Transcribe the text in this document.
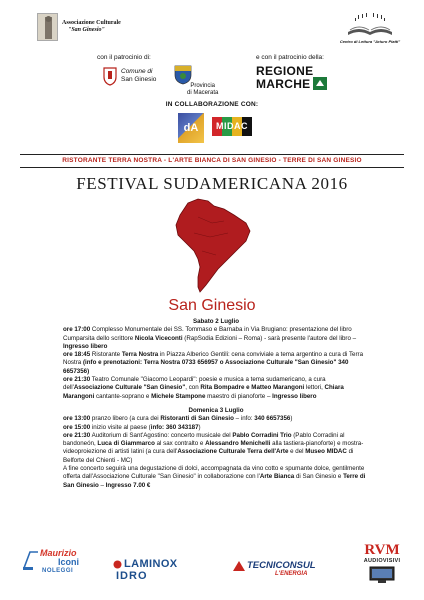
Associazione Culturale
"San Ginesio"
Centro di Lettura "Arturo Piatti"
con il patrocinio di:	e con il patrocinio della:
Comune di
San Ginesio
Provincia
di Macerata
REGIONE
MARCHE
IN COLLABORAZIONE CON:
dA	MIDAC
RISTORANTE TERRA NOSTRA - L'ARTE BIANCA DI SAN GINESIO - TERRE DI SAN GINESIO
FESTIVAL SUDAMERICANA 2016
San Ginesio

Sabato 2 Luglio

ore 17:00 Complesso Monumentale dei SS. Tommaso e Barnaba in Via Brugiano: presentazione del libro Cumparsita dello scrittore Nicola Viceconti (RapSodia Edizioni – Roma) - sarà presente l'autore del libro – Ingresso libero

ore 18:45 Ristorante Terra Nostra in Piazza Alberico Gentili: cena conviviale a tema argentino a cura di Terra Nostra (info e prenotazioni: Terra Nostra 0733 656957 o Associazione Culturale "San Ginesio" 340 6657356)

ore 21:30 Teatro Comunale "Giacomo Leopardi": poesie e musica a tema sudamericano, a cura dell'Associazione Culturale "San Ginesio", con Rita Bompadre e Matteo Marangoni lettori, Chiara Marangoni cantante-soprano e Michele Stampone maestro di pianoforte – Ingresso libero

Domenica 3 Luglio

ore 13:00 pranzo libero (a cura dei Ristoranti di San Ginesio – info: 340 6657356)

ore 15:00 inizio visite al paese (info: 360 343187)

ore 21:30 Auditorium di Sant'Agostino: concerto musicale del Pablo Corradini Trio (Pablo Corradini al bandoneón, Luca di Giammarco al sax contralto e Alessandro Menichelli alla tastiera-pianoforte) e mostra-videoproiezione di artisti latini (a cura dell'Associazione Culturale Terra dell'Arte e del Museo MIDAC di Belforte del Chienti - MC)

A fine concerto seguirà una degustazione di dolci, accompagnata da vino cotto e spumante dolce, gentilmente offerta dall'Associazione Culturale "San Ginesio" in collaborazione con l'Arte Bianca di San Ginesio e Terre di San Ginesio – Ingresso 7.00 €

Maurizio
Iconi
NOLEGGI
LAMINOX
IDRO
TECNICONSUL
L'ENERGIA
RVM
AUDIOVISIVI
